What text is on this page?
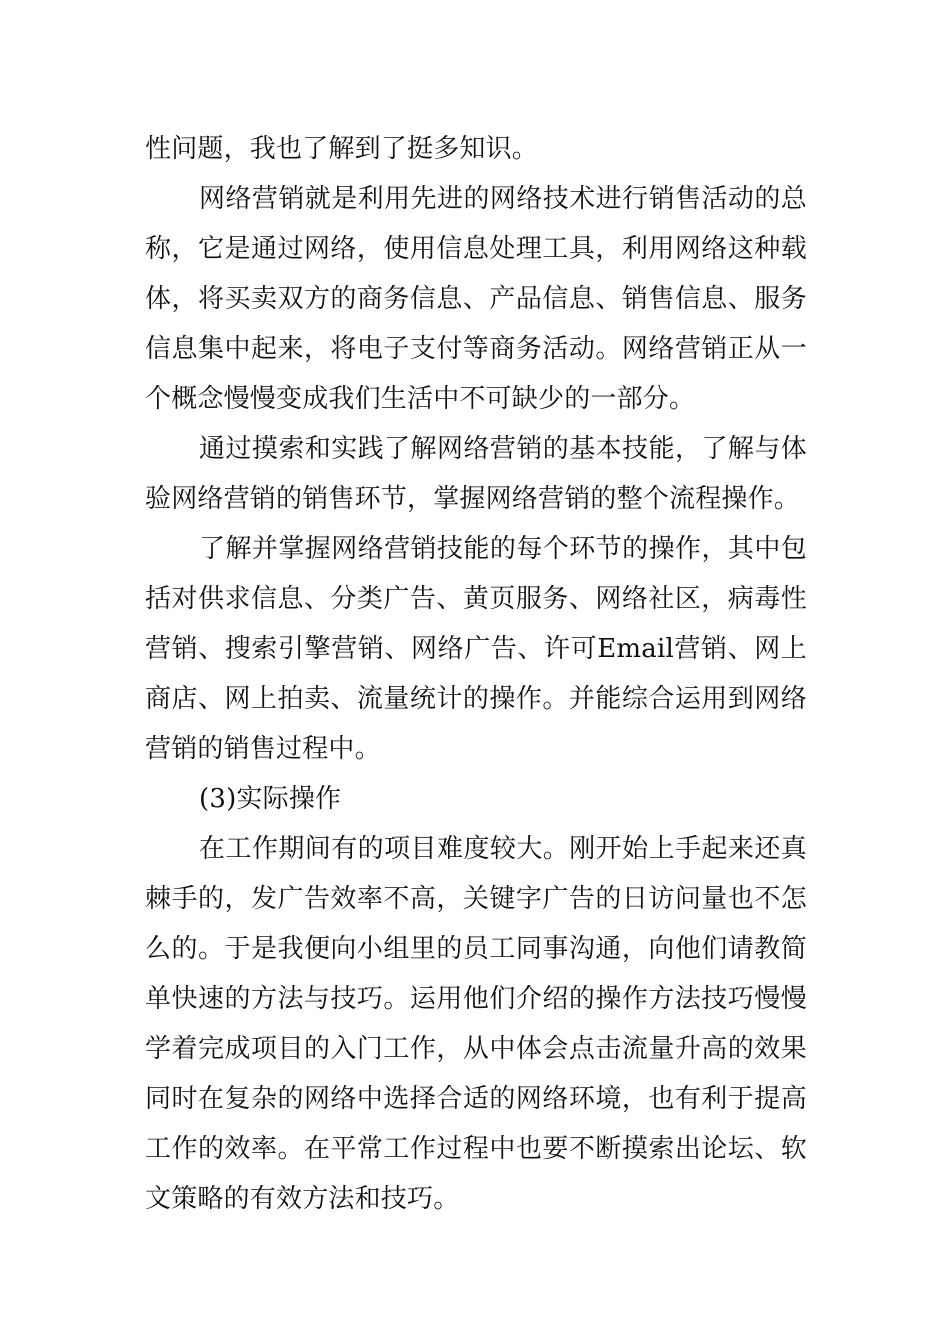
性问题，我也了解到了挺多知识。

网络营销就是利用先进的网络技术进行销售活动的总称，它是通过网络，使用信息处理工具，利用网络这种载体，将买卖双方的商务信息、产品信息、销售信息、服务信息集中起来，将电子支付等商务活动。网络营销正从一个概念慢慢变成我们生活中不可缺少的一部分。

通过摸索和实践了解网络营销的基本技能，了解与体验网络营销的销售环节，掌握网络营销的整个流程操作。

了解并掌握网络营销技能的每个环节的操作，其中包括对供求信息、分类广告、黄页服务、网络社区，病毒性营销、搜索引擎营销、网络广告、许可Email营销、网上商店、网上拍卖、流量统计的操作。并能综合运用到网络营销的销售过程中。

(3)实际操作

在工作期间有的项目难度较大。刚开始上手起来还真棘手的，发广告效率不高，关键字广告的日访问量也不怎么的。于是我便向小组里的员工同事沟通，向他们请教简单快速的方法与技巧。运用他们介绍的操作方法技巧慢慢学着完成项目的入门工作，从中体会点击流量升高的效果同时在复杂的网络中选择合适的网络环境，也有利于提高工作的效率。在平常工作过程中也要不断摸索出论坛、软文策略的有效方法和技巧。
